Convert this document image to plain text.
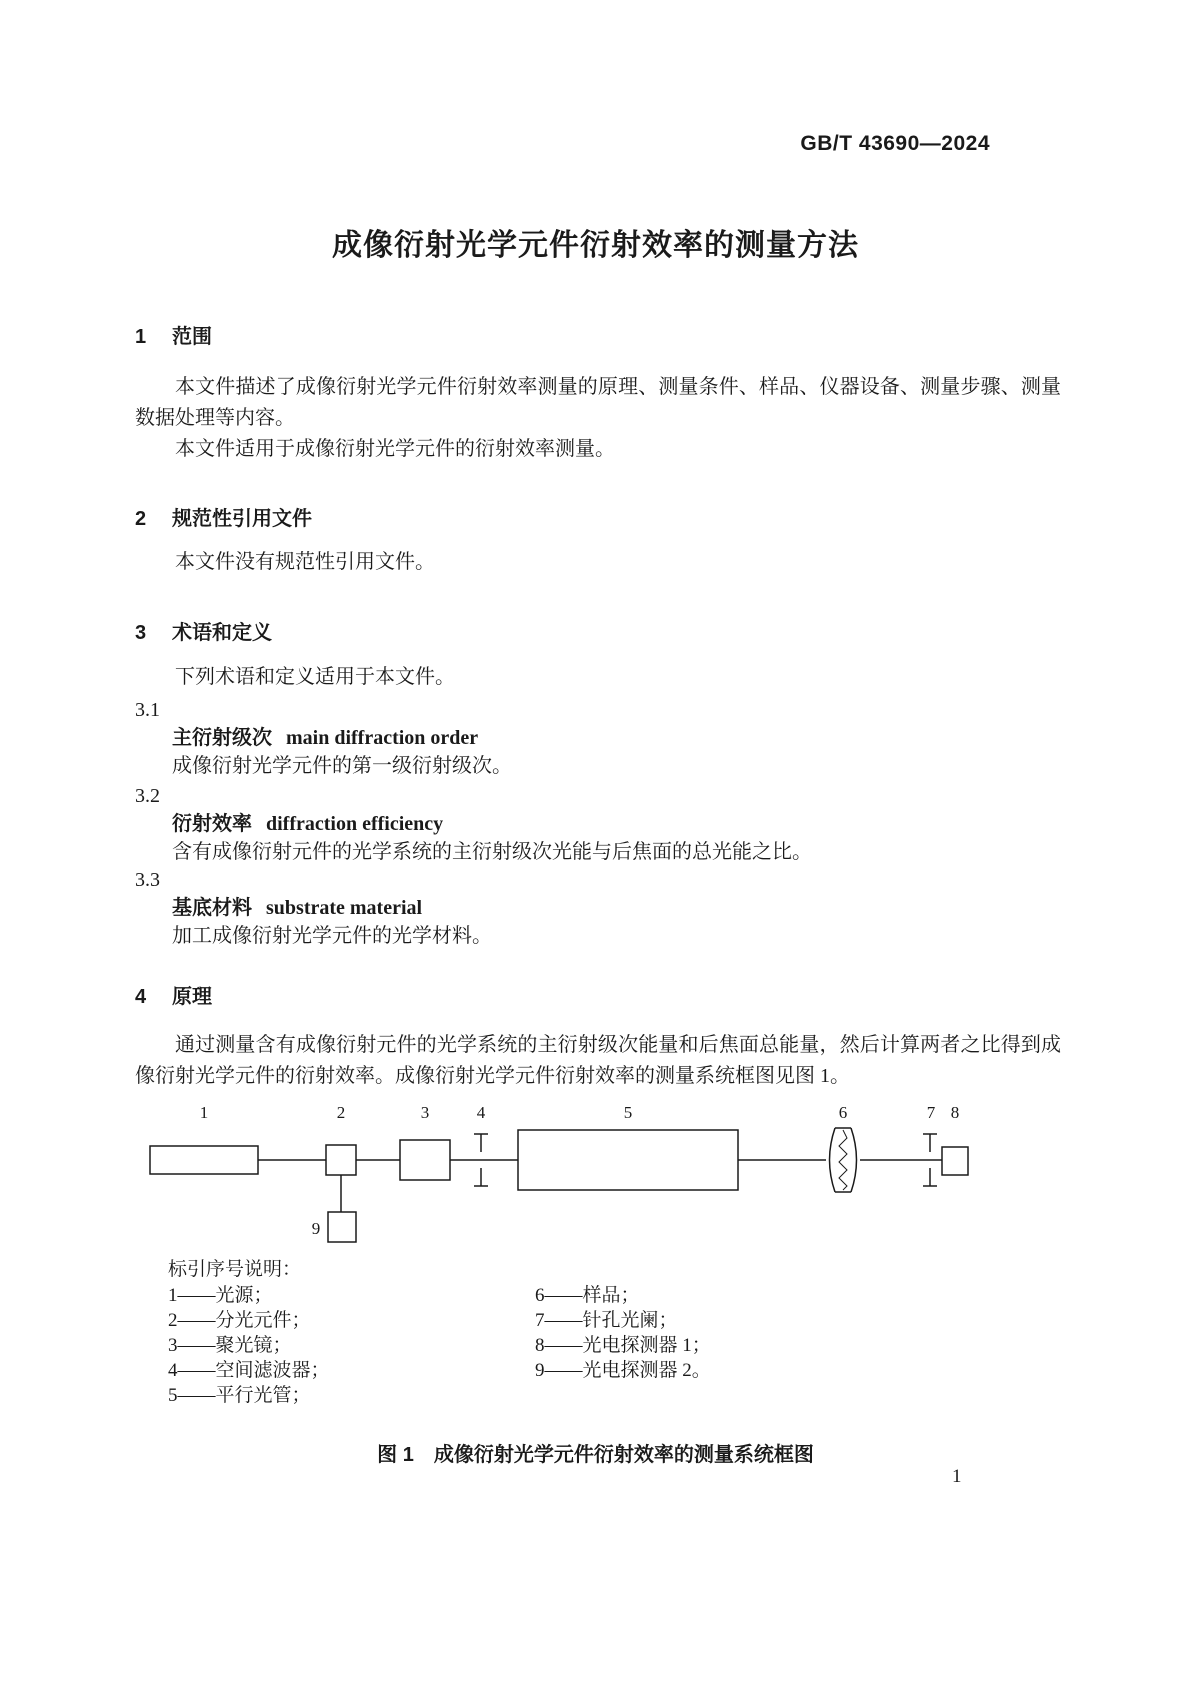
GB/T 43690—2024
成像衍射光学元件衍射效率的测量方法
1 范围
本文件描述了成像衍射光学元件衍射效率测量的原理、测量条件、样品、仪器设备、测量步骤、测量数据处理等内容。
本文件适用于成像衍射光学元件的衍射效率测量。
2 规范性引用文件
本文件没有规范性引用文件。
3 术语和定义
下列术语和定义适用于本文件。
3.1
主衍射级次 main diffraction order
成像衍射光学元件的第一级衍射级次。
3.2
衍射效率 diffraction efficiency
含有成像衍射元件的光学系统的主衍射级次光能与后焦面的总光能之比。
3.3
基底材料 substrate material
加工成像衍射光学元件的光学材料。
4 原理
通过测量含有成像衍射元件的光学系统的主衍射级次能量和后焦面总能量，然后计算两者之比得到成像衍射光学元件的衍射效率。成像衍射光学元件衍射效率的测量系统框图见图 1。
1	2	3	4	5	6	7 8
9
标引序号说明：
1——光源；
2——分光元件；
3——聚光镜；
4——空间滤波器；
5——平行光管；
6——样品；
7——针孔光阑；
8——光电探测器 1；
9——光电探测器 2。
图 1　成像衍射光学元件衍射效率的测量系统框图
1
